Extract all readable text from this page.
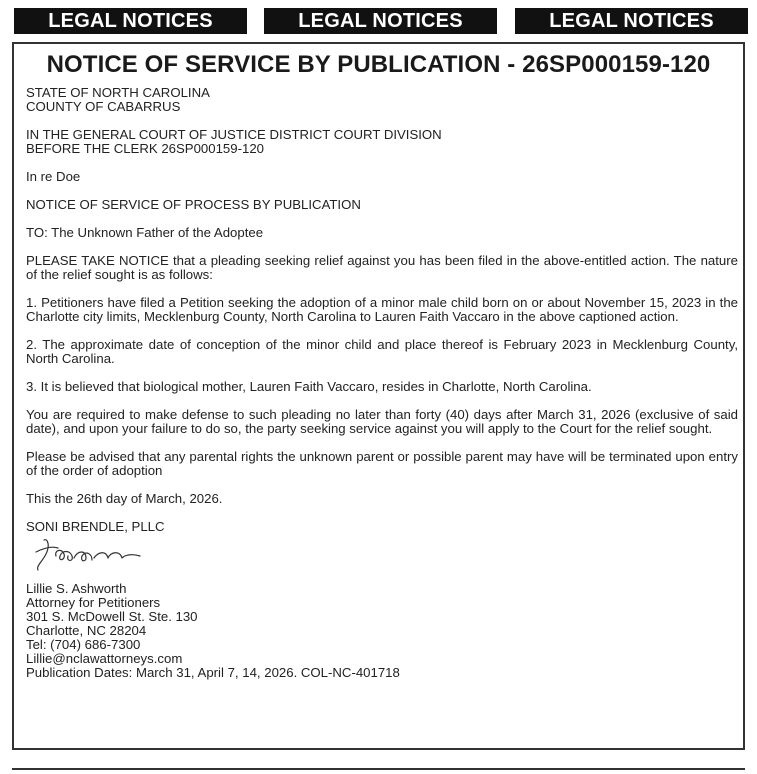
LEGAL NOTICES	LEGAL NOTICES	LEGAL NOTICES
NOTICE OF SERVICE BY PUBLICATION - 26SP000159-120

STATE OF NORTH CAROLINA
COUNTY OF CABARRUS

IN THE GENERAL COURT OF JUSTICE DISTRICT COURT DIVISION
BEFORE THE CLERK 26SP000159-120

In re Doe

NOTICE OF SERVICE OF PROCESS BY PUBLICATION

TO: The Unknown Father of the Adoptee

PLEASE TAKE NOTICE that a pleading seeking relief against you has been filed in the above-entitled action. The nature of the relief sought is as follows:

1. Petitioners have filed a Petition seeking the adoption of a minor male child born on or about November 15, 2023 in the Charlotte city limits, Mecklenburg County, North Carolina to Lauren Faith Vaccaro in the above captioned action.

2. The approximate date of conception of the minor child and place thereof is February 2023 in Mecklenburg County, North Carolina.

3. It is believed that biological mother, Lauren Faith Vaccaro, resides in Charlotte, North Carolina.

You are required to make defense to such pleading no later than forty (40) days after March 31, 2026 (exclusive of said date), and upon your failure to do so, the party seeking service against you will apply to the Court for the relief sought.

Please be advised that any parental rights the unknown parent or possible parent may have will be terminated upon entry of the order of adoption

This the 26th day of March, 2026.

SONI BRENDLE, PLLC
Lillie S. Ashworth
Attorney for Petitioners
301 S. McDowell St. Ste. 130
Charlotte, NC 28204
Tel: (704) 686-7300
Lillie@nclawattorneys.com
Publication Dates: March 31, April 7, 14, 2026. COL-NC-401718
